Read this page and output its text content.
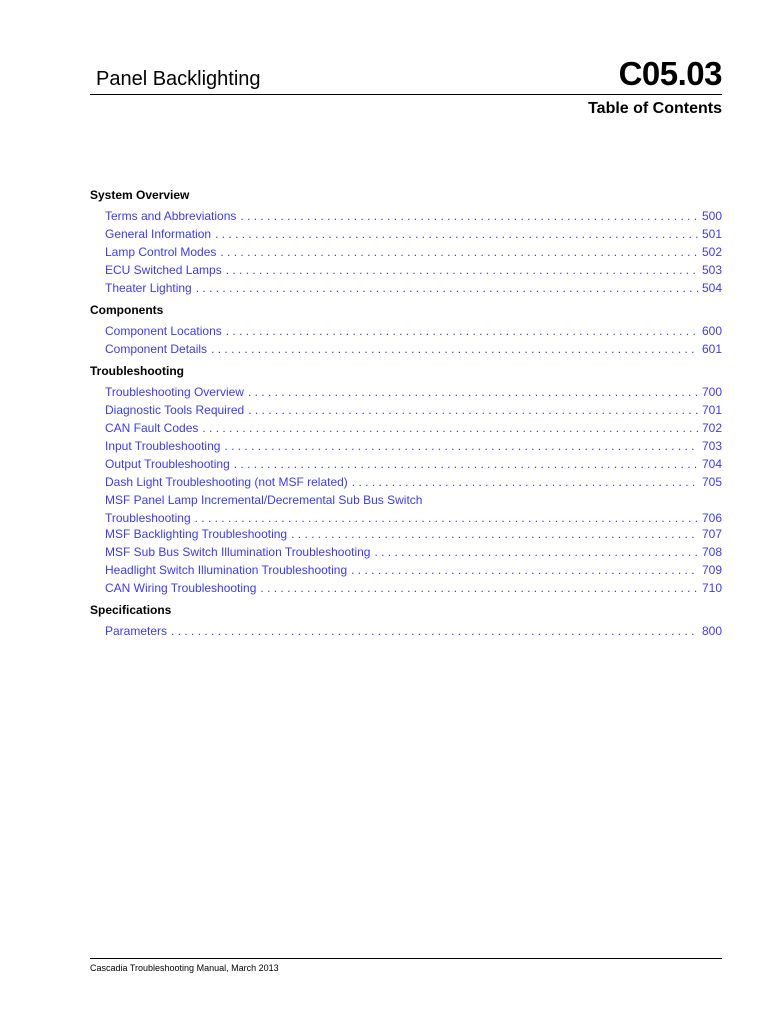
Panel Backlighting	C05.03
Table of Contents
System Overview
Terms and Abbreviations . . .	500
General Information . . .	501
Lamp Control Modes . . .	502
ECU Switched Lamps . . .	503
Theater Lighting . . .	504
Components
Component Locations . . .	600
Component Details . . .	601
Troubleshooting
Troubleshooting Overview . . .	700
Diagnostic Tools Required . . .	701
CAN Fault Codes . . .	702
Input Troubleshooting . . .	703
Output Troubleshooting . . .	704
Dash Light Troubleshooting (not MSF related) . . .	705
MSF Panel Lamp Incremental/Decremental Sub Bus Switch
Troubleshooting . . .	706
MSF Backlighting Troubleshooting . . .	707
MSF Sub Bus Switch Illumination Troubleshooting . . .	708
Headlight Switch Illumination Troubleshooting . . .	709
CAN Wiring Troubleshooting . . .	710
Specifications
Parameters . . .	800
Cascadia Troubleshooting Manual, March 2013
